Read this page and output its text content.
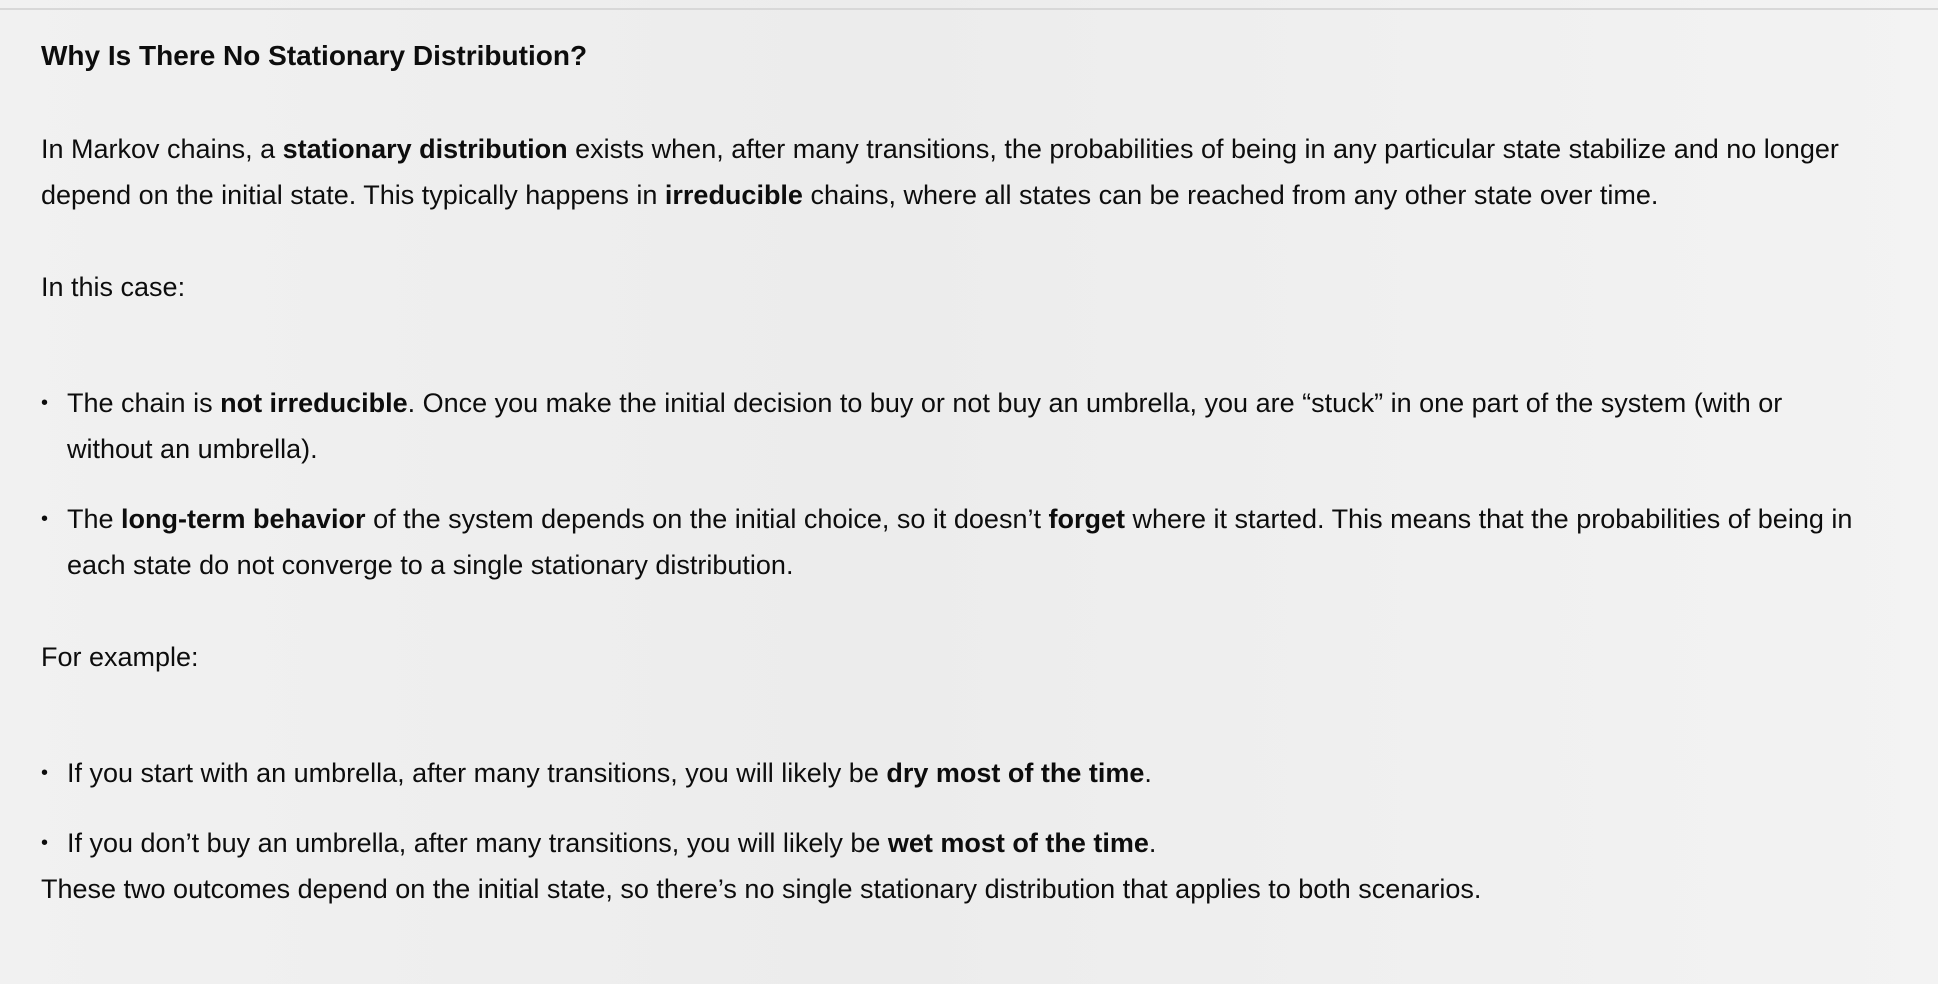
Why Is There No Stationary Distribution?

In Markov chains, a stationary distribution exists when, after many transitions, the probabilities of being in any particular state stabilize and no longer depend on the initial state. This typically happens in irreducible chains, where all states can be reached from any other state over time.

In this case:

• The chain is not irreducible. Once you make the initial decision to buy or not buy an umbrella, you are “stuck” in one part of the system (with or without an umbrella).
• The long-term behavior of the system depends on the initial choice, so it doesn’t forget where it started. This means that the probabilities of being in each state do not converge to a single stationary distribution.

For example:

• If you start with an umbrella, after many transitions, you will likely be dry most of the time.
• If you don’t buy an umbrella, after many transitions, you will likely be wet most of the time.

These two outcomes depend on the initial state, so there’s no single stationary distribution that applies to both scenarios.
